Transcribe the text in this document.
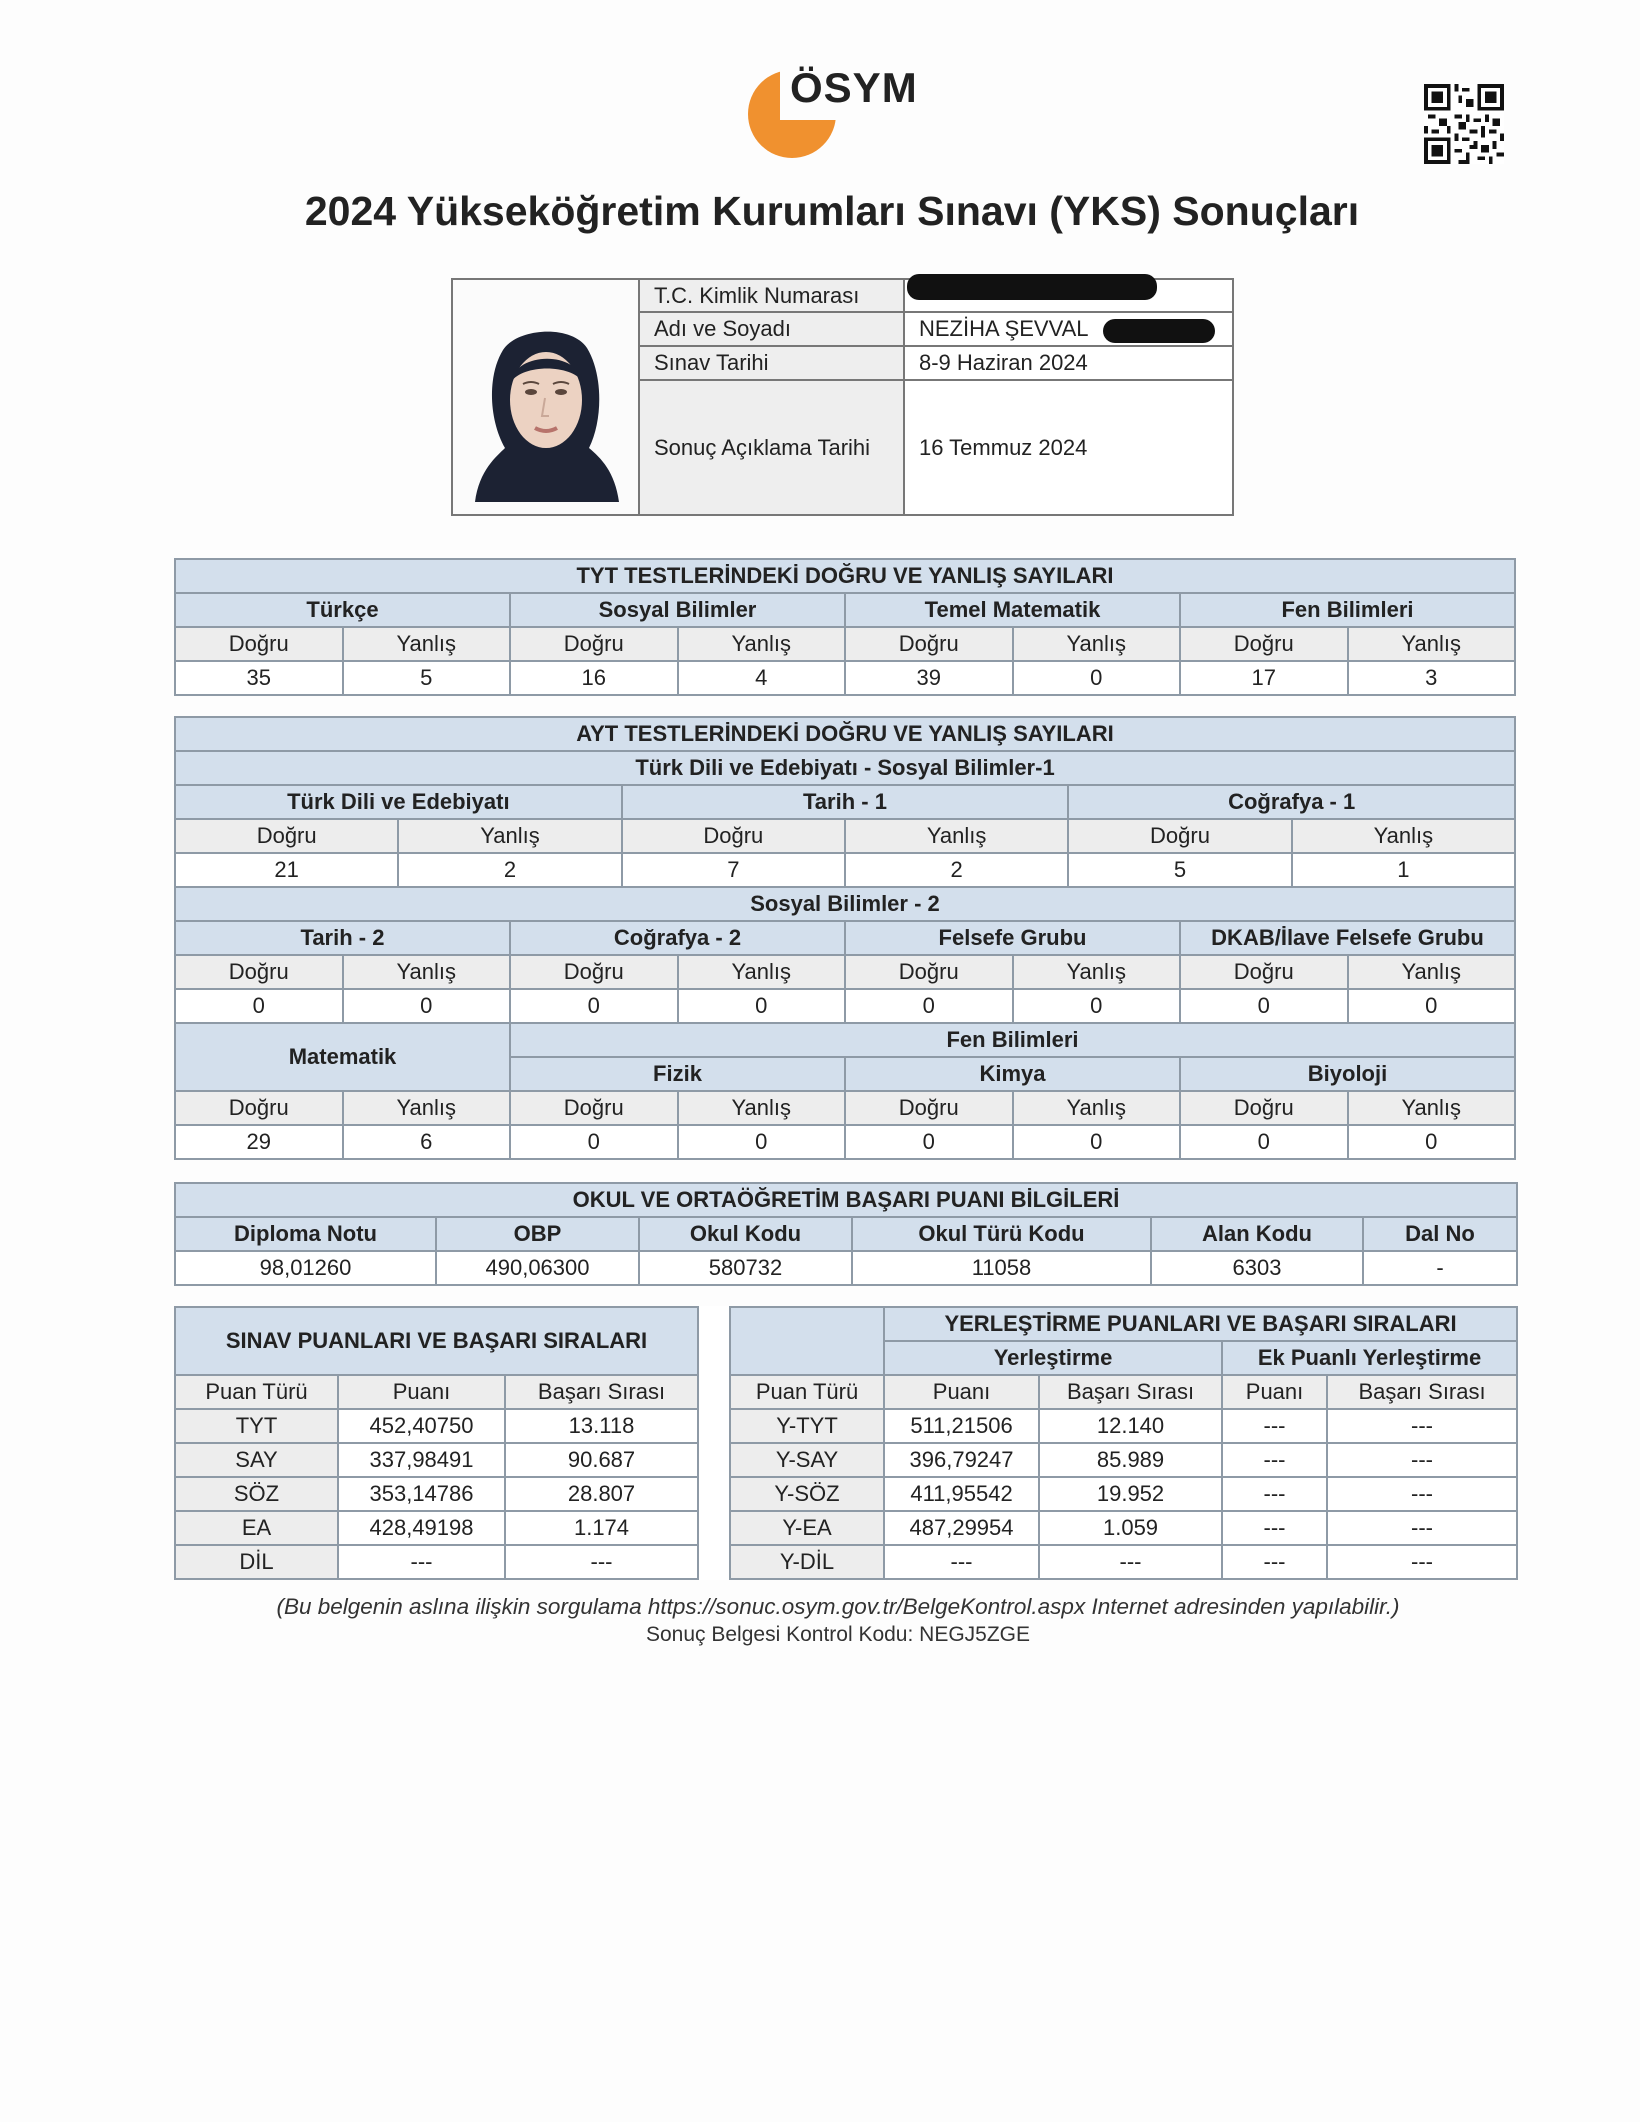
ÖSYM
2024 Yükseköğretim Kurumları Sınavı (YKS) Sonuçları
T.C. Kimlik Numarası
Adı ve Soyadı	NEZİHA ŞEVVAL
Sınav Tarihi	8-9 Haziran 2024
Sonuç Açıklama Tarihi	16 Temmuz 2024
TYT TESTLERİNDEKİ DOĞRU VE YANLIŞ SAYILARI							
Türkçe		Sosyal Bilimler		Temel Matematik		Fen Bilimleri	
Doğru	Yanlış	Doğru	Yanlış	Doğru	Yanlış	Doğru	Yanlış
35	5	16	4	39	0	17	3
AYT TESTLERİNDEKİ DOĞRU VE YANLIŞ SAYILARI					
Türk Dili ve Edebiyatı - Sosyal Bilimler-1					
Türk Dili ve Edebiyatı		Tarih - 1		Coğrafya - 1	
Doğru	Yanlış	Doğru	Yanlış	Doğru	Yanlış
21	2	7	2	5	1
Sosyal Bilimler - 2							
Tarih - 2		Coğrafya - 2		Felsefe Grubu		DKAB/İlave Felsefe Grubu	
Doğru	Yanlış	Doğru	Yanlış	Doğru	Yanlış	Doğru	Yanlış
0	0	0	0	0	0	0	0
Matematik		Fen Bilimleri					
		Fizik		Kimya		Biyoloji	
Doğru	Yanlış	Doğru	Yanlış	Doğru	Yanlış	Doğru	Yanlış
29	6	0	0	0	0	0	0
OKUL VE ORTAÖĞRETİM BAŞARI PUANI BİLGİLERİ					
Diploma Notu	OBP	Okul Kodu	Okul Türü Kodu	Alan Kodu	Dal No
98,01260	490,06300	580732	11058	6303	-
SINAV PUANLARI VE BAŞARI SIRALARI					YERLEŞTİRME PUANLARI VE BAŞARI SIRALARI			
					Yerleştirme		Ek Puanlı Yerleştirme	

Puan Türü	Puanı	Başarı Sırası		Puan Türü	Puanı	Başarı Sırası	Puanı	Başarı Sırası
TYT	452,40750	13.118		Y-TYT	511,21506	12.140	---	---
SAY	337,98491	90.687		Y-SAY	396,79247	85.989	---	---
SÖZ	353,14786	28.807		Y-SÖZ	411,95542	19.952	---	---
EA	428,49198	1.174		Y-EA	487,29954	1.059	---	---
DİL	---	---		Y-DİL	---	---	---	---
(Bu belgenin aslına ilişkin sorgulama https://sonuc.osym.gov.tr/BelgeKontrol.aspx Internet adresinden yapılabilir.)
Sonuç Belgesi Kontrol Kodu: NEGJ5ZGE
